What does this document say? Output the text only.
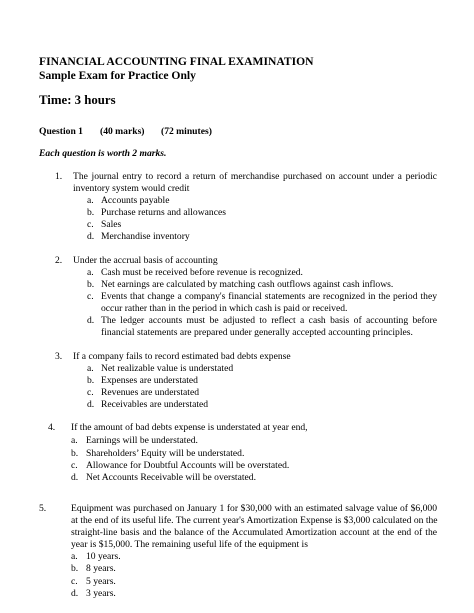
FINANCIAL ACCOUNTING FINAL EXAMINATION
Sample Exam for Practice Only
Time: 3 hours
Question 1 (40 marks) (72 minutes)
Each question is worth 2 marks.
1. The journal entry to record a return of merchandise purchased on account under a periodic
inventory system would credit
a. Accounts payable
b. Purchase returns and allowances
c. Sales
d. Merchandise inventory
2. Under the accrual basis of accounting
a. Cash must be received before revenue is recognized.
b. Net earnings are calculated by matching cash outflows against cash inflows.
c. Events that change a company's financial statements are recognized in the period they
occur rather than in the period in which cash is paid or received.
d. The ledger accounts must be adjusted to reflect a cash basis of accounting before
financial statements are prepared under generally accepted accounting principles.
3. If a company fails to record estimated bad debts expense
a. Net realizable value is understated
b. Expenses are understated
c. Revenues are understated
d. Receivables are understated
4. If the amount of bad debts expense is understated at year end,
a. Earnings will be understated.
b. Shareholders’ Equity will be understated.
c. Allowance for Doubtful Accounts will be overstated.
d. Net Accounts Receivable will be overstated.
5.	Equipment was purchased on January 1 for $30,000 with an estimated salvage value of $6,000
at the end of its useful life. The current year's Amortization Expense is $3,000 calculated on the
straight-line basis and the balance of the Accumulated Amortization account at the end of the
year is $15,000. The remaining useful life of the equipment is
a. 10 years.
b. 8 years.
c. 5 years.
d. 3 years.
